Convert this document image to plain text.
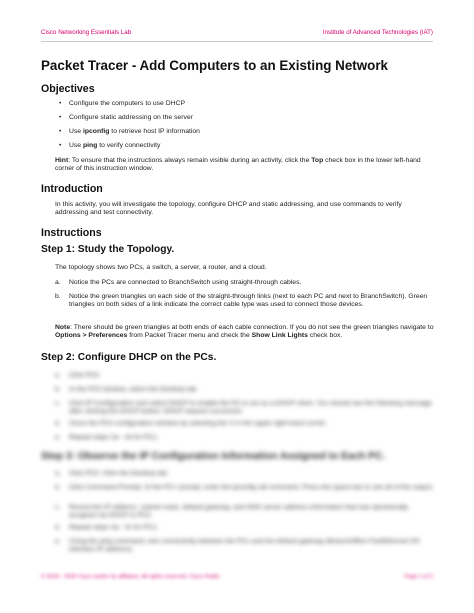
Cisco Networking Essentials Lab	Institute of Advanced Technologies (IAT)
Packet Tracer - Add Computers to an Existing Network
Objectives
• Configure the computers to use DHCP
• Configure static addressing on the server
• Use ipconfig to retrieve host IP information
• Use ping to verify connectivity
Hint: To ensure that the instructions always remain visible during an activity, click the Top check box in the lower left-hand corner of this instruction window.
Introduction
In this activity, you will investigate the topology, configure DHCP and static addressing, and use commands to verify addressing and test connectivity.
Instructions
Step 1: Study the Topology.
The topology shows two PCs, a switch, a server, a router, and a cloud.
a. Notice the PCs are connected to BranchSwitch using straight-through cables.
b. Notice the green triangles on each side of the straight-through links (next to each PC and next to BranchSwitch). Green triangles on both sides of a link indicate the correct cable type was used to connect those devices.
Note: There should be green triangles at both ends of each cable connection. If you do not see the green triangles navigate to Options > Preferences from Packet Tracer menu and check the Show Link Lights check box.
Step 2: Configure DHCP on the PCs.
a. Click PC0.
b. In the PC0 window, select the Desktop tab.
c. Click IP Configuration and select DHCP to enable the PC to act as a DHCP client. You should see the following message after clicking the DHCP button: DHCP request successful.
d. Close the PC0 configuration window by selecting the X in the upper right-hand corner.
e. Repeat steps 2a - 2d for PC1.
Step 3: Observe the IP Configuration Information Assigned to Each PC.
a. Click PC0. Click the Desktop tab.
b. Click Command Prompt. At the PC> prompt, enter the ipconfig /all command. Press the space bar to see all of the output.
c. Record the IP address, subnet mask, default gateway, and DNS server address information that was dynamically assigned via DHCP to PC0.
d. Repeat steps 3a - 3c for PC1.
e. Using the ping command, test connectivity between the PCs and the default gateway (BranchOffice FastEthernet 0/0 interface IP address).
© 2018 - 2020 Cisco and/or its affiliates. All rights reserved. Cisco Public	Page 1 of 2
